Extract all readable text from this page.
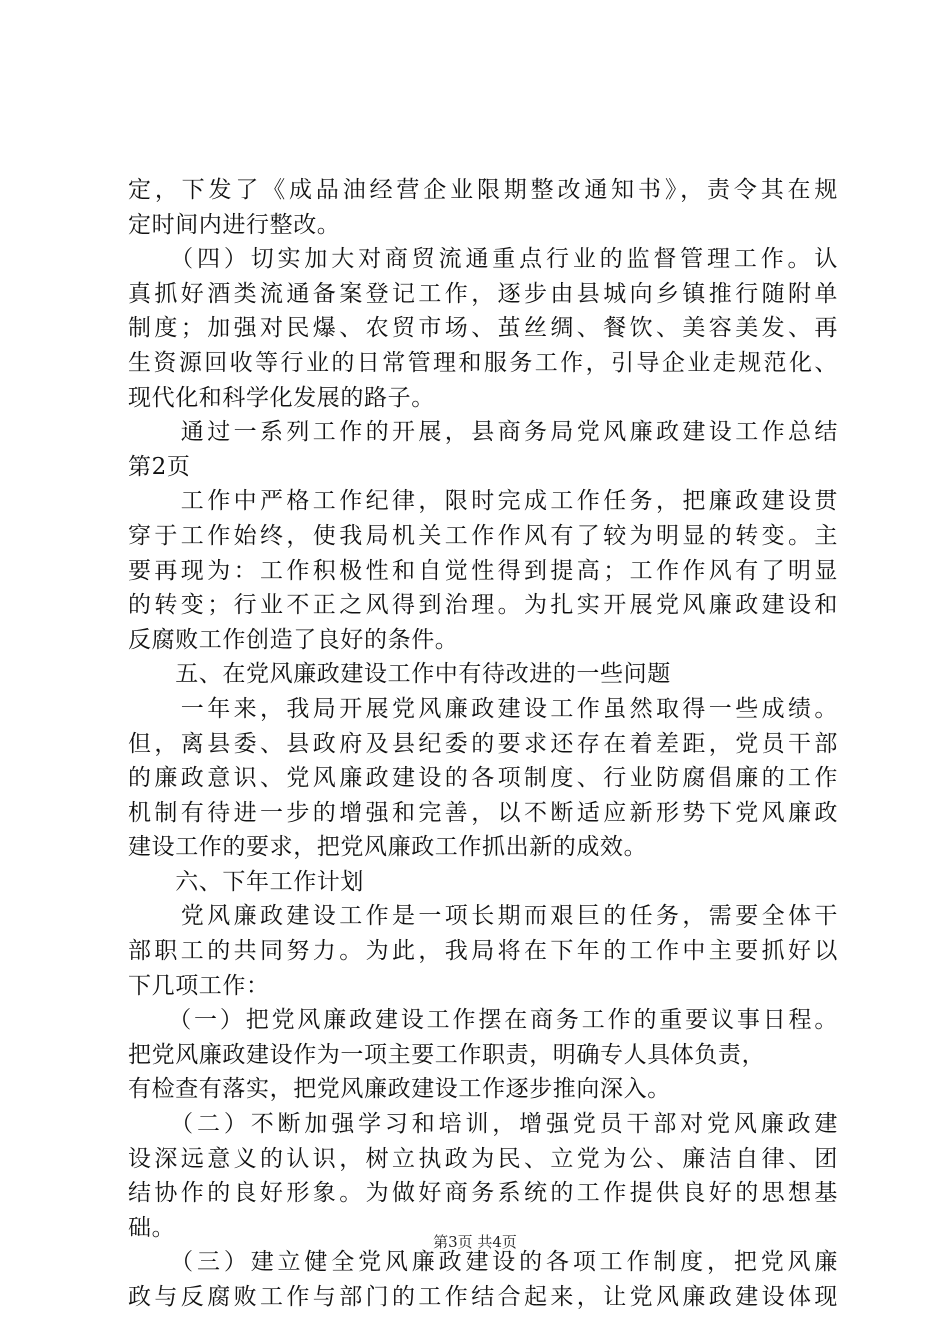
定，下发了《成品油经营企业限期整改通知书》，责令其在规
定时间内进行整改。
　　（四）切实加大对商贸流通重点行业的监督管理工作。认
真抓好酒类流通备案登记工作，逐步由县城向乡镇推行随附单
制度；加强对民爆、农贸市场、茧丝绸、餐饮、美容美发、再
生资源回收等行业的日常管理和服务工作，引导企业走规范化、
现代化和科学化发展的路子。
　　通过一系列工作的开展，县商务局党风廉政建设工作总结
第2页
　　工作中严格工作纪律，限时完成工作任务，把廉政建设贯
穿于工作始终，使我局机关工作作风有了较为明显的转变。主
要再现为：工作积极性和自觉性得到提高；工作作风有了明显
的转变；行业不正之风得到治理。为扎实开展党风廉政建设和
反腐败工作创造了良好的条件。
　　五、在党风廉政建设工作中有待改进的一些问题
　　一年来，我局开展党风廉政建设工作虽然取得一些成绩。
但，离县委、县政府及县纪委的要求还存在着差距，党员干部
的廉政意识、党风廉政建设的各项制度、行业防腐倡廉的工作
机制有待进一步的增强和完善，以不断适应新形势下党风廉政
建设工作的要求，把党风廉政工作抓出新的成效。
　　六、下年工作计划
　　党风廉政建设工作是一项长期而艰巨的任务，需要全体干
部职工的共同努力。为此，我局将在下年的工作中主要抓好以
下几项工作：
　　（一）把党风廉政建设工作摆在商务工作的重要议事日程。
把党风廉政建设作为一项主要工作职责，明确专人具体负责，
有检查有落实，把党风廉政建设工作逐步推向深入。
　　（二）不断加强学习和培训，增强党员干部对党风廉政建
设深远意义的认识，树立执政为民、立党为公、廉洁自律、团
结协作的良好形象。为做好商务系统的工作提供良好的思想基
础。
　　（三）建立健全党风廉政建设的各项工作制度，把党风廉
政与反腐败工作与部门的工作结合起来，让党风廉政建设体现
第3页 共4页
